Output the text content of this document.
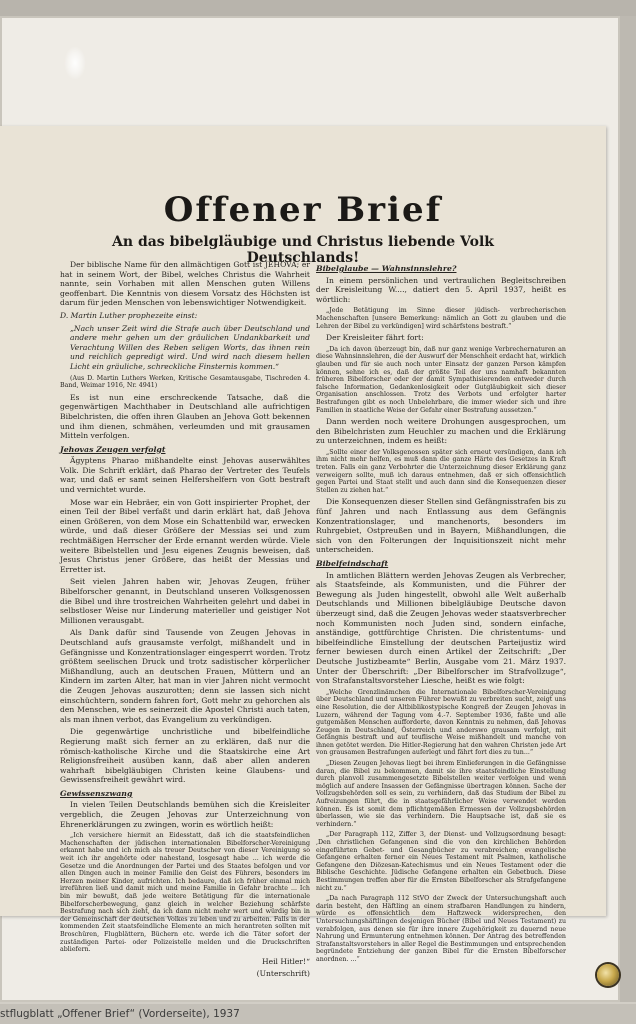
Offener Brief
An das bibelgläubige und Christus liebende Volk Deutschlands!

Der biblische Name für den allmächtigen Gott ist JEHOVA; er hat in seinem Wort, der Bibel, welches Christus die Wahrheit nannte, sein Vorhaben mit allen Menschen guten Willens geoffenbart. Die Kenntnis von diesem Vorsatz des Höchsten ist darum für jeden Menschen von lebenswichtiger Notwendigkeit.

D. Martin Luther prophezeite einst:

„Nach unser Zeit wird die Strafe auch über Deutschland und andere mehr gehen um der gräulichen Undankbarkeit und Verachtung Willen des Reben seligen Worts, das ihnen rein und reichlich gepredigt wird. Und wird nach diesem hellen Licht ein gräuliche, schreckliche Finsternis kommen.“

(Aus D. Martin Luthers Werken, Kritische Gesamtausgabe, Tischreden 4. Band, Weimar 1916, Nr. 4941)

Es ist nun eine erschreckende Tatsache, daß die gegenwärtigen Machthaber in Deutschland alle aufrichtigen Bibelchristen, die offen ihren Glauben an Jehova Gott bekennen und ihm dienen, schmähen, verleumden und mit grausamen Mitteln verfolgen.

Jehovas Zeugen verfolgt

Ägyptens Pharao mißhandelte einst Jehovas auserwähltes Volk. Die Schrift erklärt, daß Pharao der Vertreter des Teufels war, und daß er samt seinen Helfershelfern von Gott bestraft und vernichtet wurde.

Mose war ein Hebräer, ein von Gott inspirierter Prophet, der einen Teil der Bibel verfaßt und darin erklärt hat, daß Jehova einen Größeren, von dem Mose ein Schattenbild war, erwecken würde, und daß dieser Größere der Messias sei und zum rechtmäßigen Herrscher der Erde ernannt werden würde. Viele weitere Bibelstellen und Jesu eigenes Zeugnis beweisen, daß Jesus Christus jener Größere, das heißt der Messias und Erretter ist.

Seit vielen Jahren haben wir, Jehovas Zeugen, früher Bibelforscher genannt, in Deutschland unseren Volksgenossen die Bibel und ihre trostreichen Wahrheiten gelehrt und dabei in selbstloser Weise nur Linderung materieller und geistiger Not Millionen verausgabt.

Als Dank dafür sind Tausende von Zeugen Jehovas in Deutschland aufs grausamste verfolgt, mißhandelt und in Gefängnisse und Konzentrationslager eingesperrt worden. Trotz größtem seelischen Druck und trotz sadistischer körperlicher Mißhandlung, auch an deutschen Frauen, Müttern und an Kindern im zarten Alter, hat man in vier Jahren nicht vermocht die Zeugen Jehovas auszurotten; denn sie lassen sich nicht einschüchtern, sondern fahren fort, Gott mehr zu gehorchen als den Menschen, wie es seinerzeit die Apostel Christi auch taten, als man ihnen verbot, das Evangelium zu verkündigen.

Die gegenwärtige unchristliche und bibelfeindliche Regierung maßt sich ferner an zu erklären, daß nur die römisch-katholische Kirche und die Staatskirche eine Art Religionsfreiheit ausüben kann, daß aber allen anderen wahrhaft bibelgläubigen Christen keine Glaubens- und Gewissensfreiheit gewährt wird.

Gewissenszwang

In vielen Teilen Deutschlands bemühen sich die Kreisleiter vergeblich, die Zeugen Jehovas zur Unterzeichnung von Ehrenerklärungen zu zwingen, worin es wörtlich heißt:

„Ich versichere hiermit an Eidesstatt, daß ich die staatsfeindlichen Machenschaften der jüdischen internationalen Bibelforscher-Vereinigung erkannt habe und ich mich als treuer Deutscher von dieser Vereinigung so weit ich ihr angehörte oder nahestand, losgesagt habe ... ich werde die Gesetze und die Anordnungen der Partei und des Staates befolgen und vor allen Dingen auch in meiner Familie den Geist des Führers, besonders im Herzen meiner Kinder, aufrichten. Ich bedaure, daß ich früher einmal mich irreführen ließ und damit mich und meine Familie in Gefahr brachte ... Ich bin mir bewußt, daß jede weitere Betätigung für die internationale Bibelforscherbewegung, ganz gleich in welcher Beziehung schärfste Bestrafung nach sich zieht, da ich dann nicht mehr wert und würdig bin in der Gemeinschaft der deutschen Volkes zu leben und zu arbeiten. Falls in der kommenden Zeit staatsfeindliche Elemente an mich herantreten sollten mit Broschüren, Flugblättern, Büchern etc. werde ich die Täter sofort der zuständigen Partei- oder Polizeistelle melden und die Druckschriften abliefern.

Heil Hitler!“

(Unterschrift)

Bibelglaube — Wahnsinnslehre?

In einem persönlichen und vertraulichen Begleitschreiben der Kreisleitung W...., datiert den 5. April 1937, heißt es wörtlich:

„Jede Betätigung im Sinne dieser jüdisch- verbrecherischen Machenschaften [unsere Bemerkung: nämlich an Gott zu glauben und die Lehren der Bibel zu verkündigen] wird schärfstens bestraft.“

Der Kreisleiter fährt fort:

„Da ich davon überzeugt bin, daß nur ganz wenige Verbrechernaturen an diese Wahnsinnslehren, die der Auswurf der Menschheit erdacht hat, wirklich glauben und für sie auch noch unter Einsatz der ganzen Person kämpfen können, sehne ich es, daß der größte Teil der uns namhaft bekannten früheren Bibelforscher oder der damit Sympathisierenden entweder durch falsche Information, Gedankenlosigkeit oder Gutgläubigkeit sich dieser Organisation anschlossen. Trotz des Verbots und erfolgter harter Bestrafungen gibt es noch Unbelehrbare, die immer wieder sich und ihre Familien in staatliche Weise der Gefahr einer Bestrafung aussetzen.“

Dann werden noch weitere Drohungen ausgesprochen, um den Bibelchristen zum Heuchler zu machen und die Erklärung zu unterzeichnen, indem es heißt:

„Sollte einer der Volksgenossen später sich erneut versündigen, dann ich ihm nicht mehr helfen, es muß dann die ganze Härte des Gesetzes in Kraft treten. Falls ein ganz Verbohrter die Unterzeichnung dieser Erklärung ganz verweigern sollte, muß ich daraus entnehmen, daß er sich offensichtlich gegen Partei und Staat stellt und auch dann sind die Konsequenzen dieser Stellen zu ziehen hat.“

Die Konsequenzen dieser Stellen sind Gefängnisstrafen bis zu fünf Jahren und nach Entlassung aus dem Gefängnis Konzentrationslager, und manchenorts, besonders im Ruhrgebiet, Ostpreußen und in Bayern, Mißhandlungen, die sich von den Folterungen der Inquisitionszeit nicht mehr unterscheiden.

Bibelfeindschaft

In amtlichen Blättern werden Jehovas Zeugen als Verbrecher, als Staatsfeinde, als Kommunisten, und die Führer der Bewegung als Juden hingestellt, obwohl alle Welt außerhalb Deutschlands und Millionen bibelgläubige Deutsche davon überzeugt sind, daß die Zeugen Jehovas weder staatsverbrecher noch Kommunisten noch Juden sind, sondern einfache, anständige, gottfürchtige Christen. Die christentums- und bibelfeindliche Einstellung der deutschen Parteijustiz wird ferner bewiesen durch einen Artikel der Zeitschrift: „Der Deutsche Justizbeamte“ Berlin, Ausgabe vom 21. März 1937. Unter der Überschrift: „Der Bibelforscher im Strafvollzuge“, von Strafanstaltsvorsteher Liesche, heißt es wie folgt:

„Welche Grenzlinämchen die Internationale Bibelforscher-Vereinigung über Deutschland und unseren Führer bewußt zu verbreiten sucht, zeigt uns eine Resolution, die der Altbiblikostypische Kongreß der Zeugen Jehovas in Luzern, während der Tagung vom 4.-7. September 1936, faßte und alle gutgemäßen Menschen aufforderte, davon Kenntnis zu nehmen, daß Jehovas Zeugen in Deutschland, Österreich und anderswo grausam verfolgt, mit Gefängnis bestraft und auf teuflische Weise mißhandelt und manche von ihnen getötet werden. Die Hitler-Regierung hat den wahren Christen jede Art von grausamen Bestrafungen auferlegt und fährt fort dies zu tun...“

„Diesen Zeugen Jehovas liegt bei ihrem Einlieferungen in die Gefängnisse daran, die Bibel zu bekommen, damit sie ihre staatsfeindliche Einstellung durch planvoll zusammengesetzte Bibelstellen weiter verfolgen und wenn möglich auf andere Insassen der Gefängnisse übertragen können. Sache der Vollzugsbehörden soll es sein, zu verhindern, daß das Studium der Bibel zu Aufreizungen führt, die in staatsgefährlicher Weise verwendet werden können. Es ist somit dem pflichtgemäßen Ermessen der Vollzugsbehörden überlassen, wie sie das verhindern. Die Hauptsache ist, daß sie es verhindern.“

„Der Paragraph 112, Ziffer 3, der Dienst- und Vollzugsordnung besagt: ,Den christlichen Gefangenen sind die von den kirchlichen Behörden eingeführten Gebet- und Gesangbücher zu verabreichen; evangelische Gefangene erhalten ferner ein Neues Testament mit Psalmen, katholische Gefangene den Diözesan-Katechismus und ein Neues Testament oder die Biblische Geschichte. Jüdische Gefangene erhalten ein Gebetbuch. Diese Bestimmungen treffen aber für die Ernsten Bibelforscher als Strafgefangene nicht zu.“

„Da nach Paragraph 112 StVO der Zweck der Untersuchungshaft auch darin besteht, den Häftling an einem strafbaren Handlungen zu hindern, würde es offensichtlich dem Haftzweck widersprechen, den Untersuchungshäftlingen desjenigen Bücher (Bibel und Neues Testament) zu verabfolgen, aus denen sie für ihre innere Zugehörigkeit zu dauernd neue Nahrung und Ermunterung entnehmen können. Der Antrag des betreffenden Strafanstaltsvorstehers in aller Regel die Bestimmungen und entsprechenden begründete Entziehung der ganzen Bibel für die Ernsten Bibelforscher anordnen. ...“

stflugblatt „Offener Brief“ (Vorderseite), 1937
